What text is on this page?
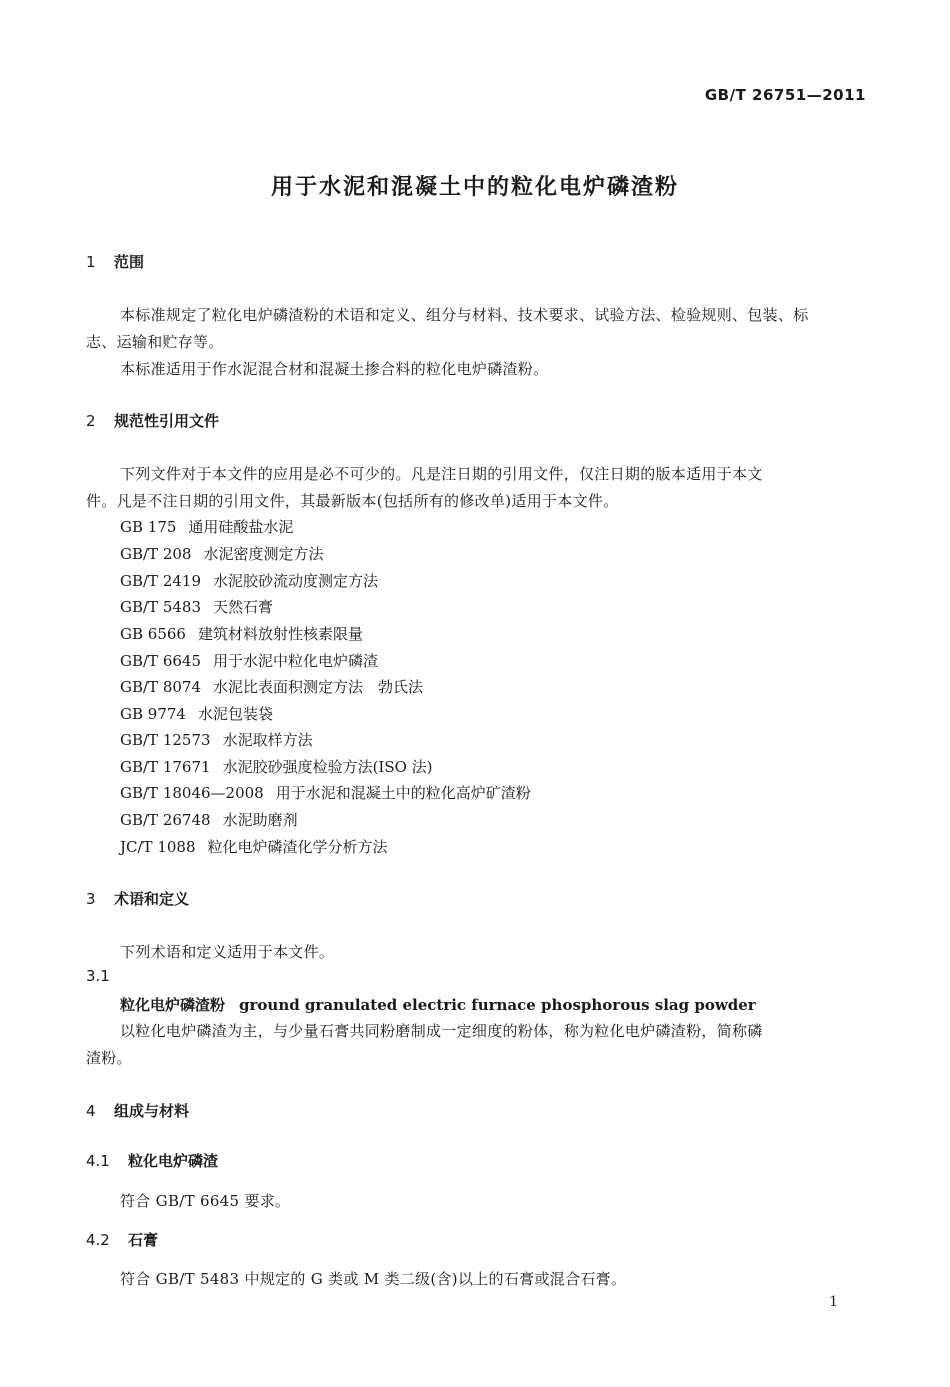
GB/T 26751—2011
用于水泥和混凝土中的粒化电炉磷渣粉
1 范围
本标准规定了粒化电炉磷渣粉的术语和定义、组分与材料、技术要求、试验方法、检验规则、包装、标
志、运输和贮存等。
本标准适用于作水泥混合材和混凝土掺合料的粒化电炉磷渣粉。
2 规范性引用文件
下列文件对于本文件的应用是必不可少的。凡是注日期的引用文件，仅注日期的版本适用于本文
件。凡是不注日期的引用文件，其最新版本(包括所有的修改单)适用于本文件。
GB 175 通用硅酸盐水泥
GB/T 208 水泥密度测定方法
GB/T 2419 水泥胶砂流动度测定方法
GB/T 5483 天然石膏
GB 6566 建筑材料放射性核素限量
GB/T 6645 用于水泥中粒化电炉磷渣
GB/T 8074 水泥比表面积测定方法　勃氏法
GB 9774 水泥包装袋
GB/T 12573 水泥取样方法
GB/T 17671 水泥胶砂强度检验方法(ISO 法)
GB/T 18046—2008 用于水泥和混凝土中的粒化高炉矿渣粉
GB/T 26748 水泥助磨剂
JC/T 1088 粒化电炉磷渣化学分析方法
3 术语和定义
下列术语和定义适用于本文件。
3.1
粒化电炉磷渣粉 ground granulated electric furnace phosphorous slag powder
以粒化电炉磷渣为主，与少量石膏共同粉磨制成一定细度的粉体，称为粒化电炉磷渣粉，简称磷
渣粉。
4 组成与材料
4.1 粒化电炉磷渣
符合 GB/T 6645 要求。
4.2 石膏
符合 GB/T 5483 中规定的 G 类或 M 类二级(含)以上的石膏或混合石膏。
1
